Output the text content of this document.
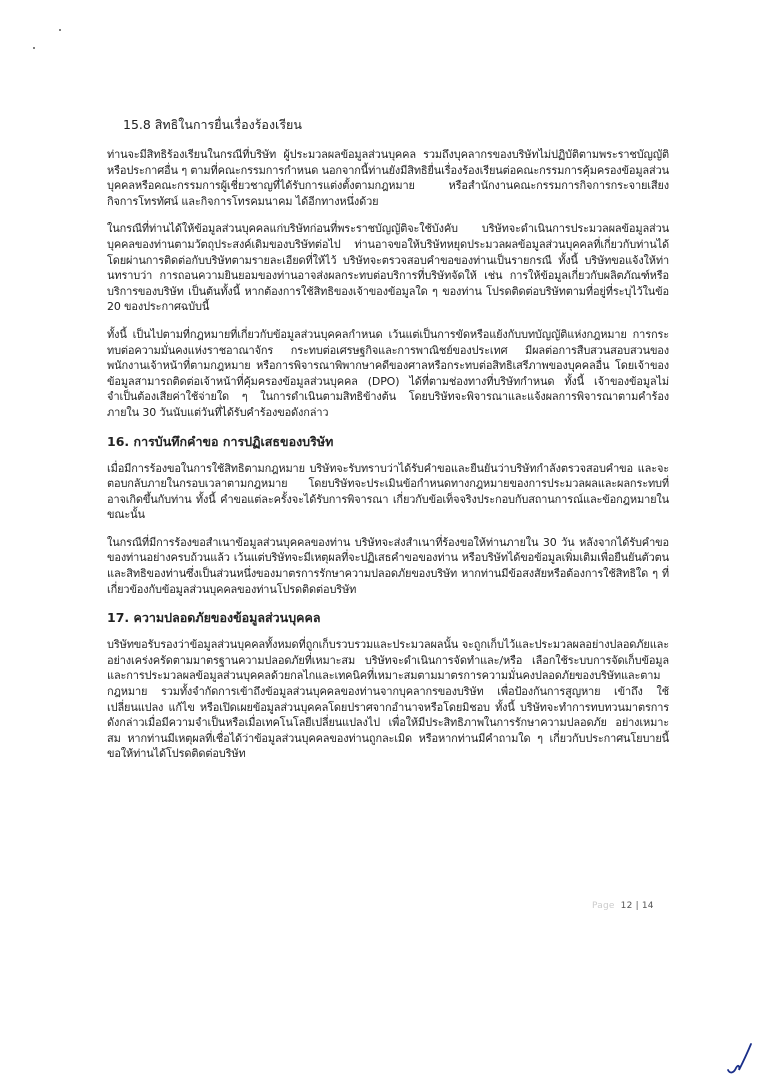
15.8 สิทธิในการยื่นเรื่องร้องเรียน

ท่านจะมีสิทธิร้องเรียนในกรณีที่บริษัท ผู้ประมวลผลข้อมูลส่วนบุคคล รวมถึงบุคลากรของบริษัทไม่ปฏิบัติตามพระราชบัญญัติ หรือประกาศอื่น ๆ ตามที่คณะกรรมการกำหนด นอกจากนี้ท่านยังมีสิทธิยื่นเรื่องร้องเรียนต่อคณะกรรมการคุ้มครองข้อมูลส่วนบุคคลหรือคณะกรรมการผู้เชี่ยวชาญที่ได้รับการแต่งตั้งตามกฎหมาย หรือสำนักงานคณะกรรมการกิจการกระจายเสียง กิจการโทรทัศน์ และกิจการโทรคมนาคม ได้อีกทางหนึ่งด้วย

ในกรณีที่ท่านได้ให้ข้อมูลส่วนบุคคลแก่บริษัทก่อนที่พระราชบัญญัติจะใช้บังคับ บริษัทจะดำเนินการประมวลผลข้อมูลส่วนบุคคลของท่านตามวัตถุประสงค์เดิมของบริษัทต่อไป ท่านอาจขอให้บริษัทหยุดประมวลผลข้อมูลส่วนบุคคลที่เกี่ยวกับท่านได้ โดยผ่านการติดต่อกับบริษัทตามรายละเอียดที่ให้ไว้ บริษัทจะตรวจสอบคำขอของท่านเป็นรายกรณี ทั้งนี้ บริษัทขอแจ้งให้ท่านทราบว่า การถอนความยินยอมของท่านอาจส่งผลกระทบต่อบริการที่บริษัทจัดให้ เช่น การให้ข้อมูลเกี่ยวกับผลิตภัณฑ์หรือบริการของบริษัท เป็นต้นทั้งนี้ หากต้องการใช้สิทธิของเจ้าของข้อมูลใด ๆ ของท่าน โปรดติดต่อบริษัทตามที่อยู่ที่ระบุไว้ในข้อ 20 ของประกาศฉบับนี้

ทั้งนี้ เป็นไปตามที่กฎหมายที่เกี่ยวกับข้อมูลส่วนบุคคลกำหนด เว้นแต่เป็นการขัดหรือแย้งกับบทบัญญัติแห่งกฎหมาย การกระทบต่อความมั่นคงแห่งราชอาณาจักร กระทบต่อเศรษฐกิจและการพาณิชย์ของประเทศ มีผลต่อการสืบสวนสอบสวนของพนักงานเจ้าหน้าที่ตามกฎหมาย หรือการพิจารณาพิพากษาคดีของศาลหรือกระทบต่อสิทธิเสรีภาพของบุคคลอื่น โดยเจ้าของข้อมูลสามารถติดต่อเจ้าหน้าที่คุ้มครองข้อมูลส่วนบุคคล (DPO) ได้ที่ตามช่องทางที่บริษัทกำหนด ทั้งนี้ เจ้าของข้อมูลไม่จำเป็นต้องเสียค่าใช้จ่ายใด ๆ ในการดำเนินตามสิทธิข้างต้น โดยบริษัทจะพิจารณาและแจ้งผลการพิจารณาตามคำร้องภายใน 30 วันนับแต่วันที่ได้รับคำร้องขอดังกล่าว

16. การบันทึกคำขอ การปฏิเสธของบริษัท

เมื่อมีการร้องขอในการใช้สิทธิตามกฎหมาย บริษัทจะรับทราบว่าได้รับคำขอและยืนยันว่าบริษัทกำลังตรวจสอบคำขอ และจะตอบกลับภายในกรอบเวลาตามกฎหมาย โดยบริษัทจะประเมินข้อกำหนดทางกฎหมายของการประมวลผลและผลกระทบที่อาจเกิดขึ้นกับท่าน ทั้งนี้ คำขอแต่ละครั้งจะได้รับการพิจารณา เกี่ยวกับข้อเท็จจริงประกอบกับสถานการณ์และข้อกฎหมายในขณะนั้น

ในกรณีที่มีการร้องขอสำเนาข้อมูลส่วนบุคคลของท่าน บริษัทจะส่งสำเนาที่ร้องขอให้ท่านภายใน 30 วัน หลังจากได้รับคำขอของท่านอย่างครบถ้วนแล้ว เว้นแต่บริษัทจะมีเหตุผลที่จะปฏิเสธคำขอของท่าน หรือบริษัทได้ขอข้อมูลเพิ่มเติมเพื่อยืนยันตัวตนและสิทธิของท่านซึ่งเป็นส่วนหนึ่งของมาตรการรักษาความปลอดภัยของบริษัท หากท่านมีข้อสงสัยหรือต้องการใช้สิทธิใด ๆ ที่เกี่ยวข้องกับข้อมูลส่วนบุคคลของท่านโปรดติดต่อบริษัท

17. ความปลอดภัยของข้อมูลส่วนบุคคล

บริษัทขอรับรองว่าข้อมูลส่วนบุคคลทั้งหมดที่ถูกเก็บรวบรวมและประมวลผลนั้น จะถูกเก็บไว้และประมวลผลอย่างปลอดภัยและอย่างเคร่งครัดตามมาตรฐานความปลอดภัยที่เหมาะสม บริษัทจะดำเนินการจัดทำและ/หรือ เลือกใช้ระบบการจัดเก็บข้อมูลและการประมวลผลข้อมูลส่วนบุคคลด้วยกลไกและเทคนิคที่เหมาะสมตามมาตรการความมั่นคงปลอดภัยของบริษัทและตามกฎหมาย รวมทั้งจำกัดการเข้าถึงข้อมูลส่วนบุคคลของท่านจากบุคลากรของบริษัท เพื่อป้องกันการสูญหาย เข้าถึง ใช้ เปลี่ยนแปลง แก้ไข หรือเปิดเผยข้อมูลส่วนบุคคลโดยปราศจากอำนาจหรือโดยมิชอบ ทั้งนี้ บริษัทจะทำการทบทวนมาตรการดังกล่าวเมื่อมีความจำเป็นหรือเมื่อเทคโนโลยีเปลี่ยนแปลงไป เพื่อให้มีประสิทธิภาพในการรักษาความปลอดภัย อย่างเหมาะสม หากท่านมีเหตุผลที่เชื่อได้ว่าข้อมูลส่วนบุคคลของท่านถูกละเมิด หรือหากท่านมีคำถามใด ๆ เกี่ยวกับประกาศนโยบายนี้ ขอให้ท่านได้โปรดติดต่อบริษัท

Page 12 | 14
